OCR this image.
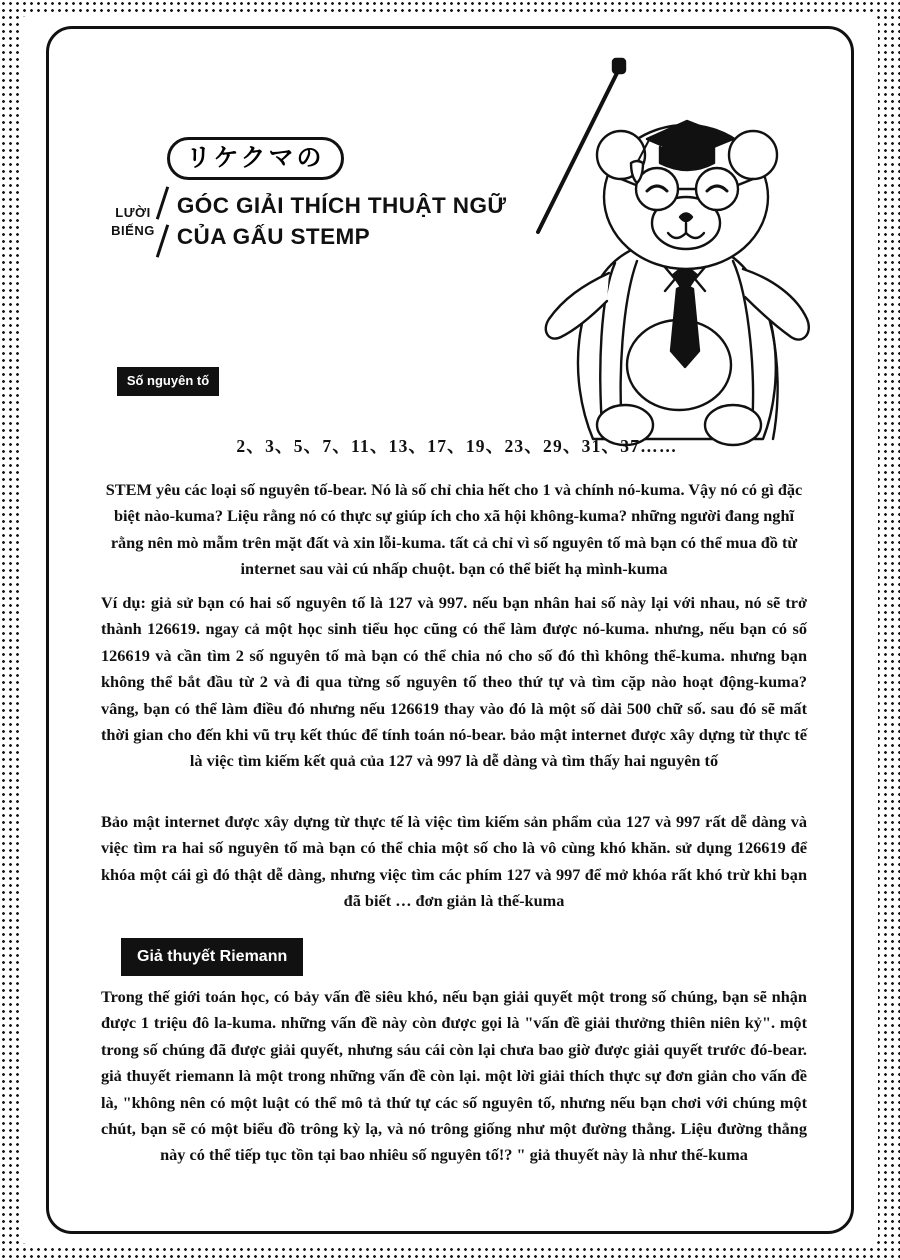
リケクマの
LƯỜI
BIẾNG
GÓC GIẢI THÍCH THUẬT NGỮ CỦA GẤU STEMP
Số nguyên tố
2、3、5、7、11、13、17、19、23、29、31、37……
STEM yêu các loại số nguyên tố-bear. Nó là số chỉ chia hết cho 1 và chính nó-kuma. Vậy nó có gì đặc biệt nào-kuma? Liệu rằng nó có thực sự giúp ích cho xã hội không-kuma? những người đang nghĩ rằng nên mò mẫm trên mặt đất và xin lỗi-kuma. tất cả chỉ vì số nguyên tố mà bạn có thể mua đồ từ internet sau vài cú nhấp chuột. bạn có thể biết hạ mình-kuma
Ví dụ: giả sử bạn có hai số nguyên tố là 127 và 997. nếu bạn nhân hai số này lại với nhau, nó sẽ trở thành 126619. ngay cả một học sinh tiểu học cũng có thể làm được nó-kuma. nhưng, nếu bạn có số 126619 và cần tìm 2 số nguyên tố mà bạn có thể chia nó cho số đó thì không thể-kuma. nhưng bạn không thể bắt đầu từ 2 và đi qua từng số nguyên tố theo thứ tự và tìm cặp nào hoạt động-kuma? vâng, bạn có thể làm điều đó nhưng nếu 126619 thay vào đó là một số dài 500 chữ số. sau đó sẽ mất thời gian cho đến khi vũ trụ kết thúc để tính toán nó-bear. bảo mật internet được xây dựng từ thực tế là việc tìm kiếm kết quả của 127 và 997 là dễ dàng và tìm thấy hai nguyên tố
Bảo mật internet được xây dựng từ thực tế là việc tìm kiếm sản phẩm của 127 và 997 rất dễ dàng và việc tìm ra hai số nguyên tố mà bạn có thể chia một số cho là vô cùng khó khăn. sử dụng 126619 để khóa một cái gì đó thật dễ dàng, nhưng việc tìm các phím 127 và 997 để mở khóa rất khó trừ khi bạn đã biết … đơn giản là thế-kuma
Giả thuyết Riemann
Trong thế giới toán học, có bảy vấn đề siêu khó, nếu bạn giải quyết một trong số chúng, bạn sẽ nhận được 1 triệu đô la-kuma. những vấn đề này còn được gọi là "vấn đề giải thưởng thiên niên kỷ". một trong số chúng đã được giải quyết, nhưng sáu cái còn lại chưa bao giờ được giải quyết trước đó-bear. giả thuyết riemann là một trong những vấn đề còn lại. một lời giải thích thực sự đơn giản cho vấn đề là, "không nên có một luật có thể mô tả thứ tự các số nguyên tố, nhưng nếu bạn chơi với chúng một chút, bạn sẽ có một biểu đồ trông kỳ lạ, và nó trông giống như một đường thẳng. Liệu đường thẳng này có thể tiếp tục tồn tại bao nhiêu số nguyên tố!? " giả thuyết này là như thế-kuma
